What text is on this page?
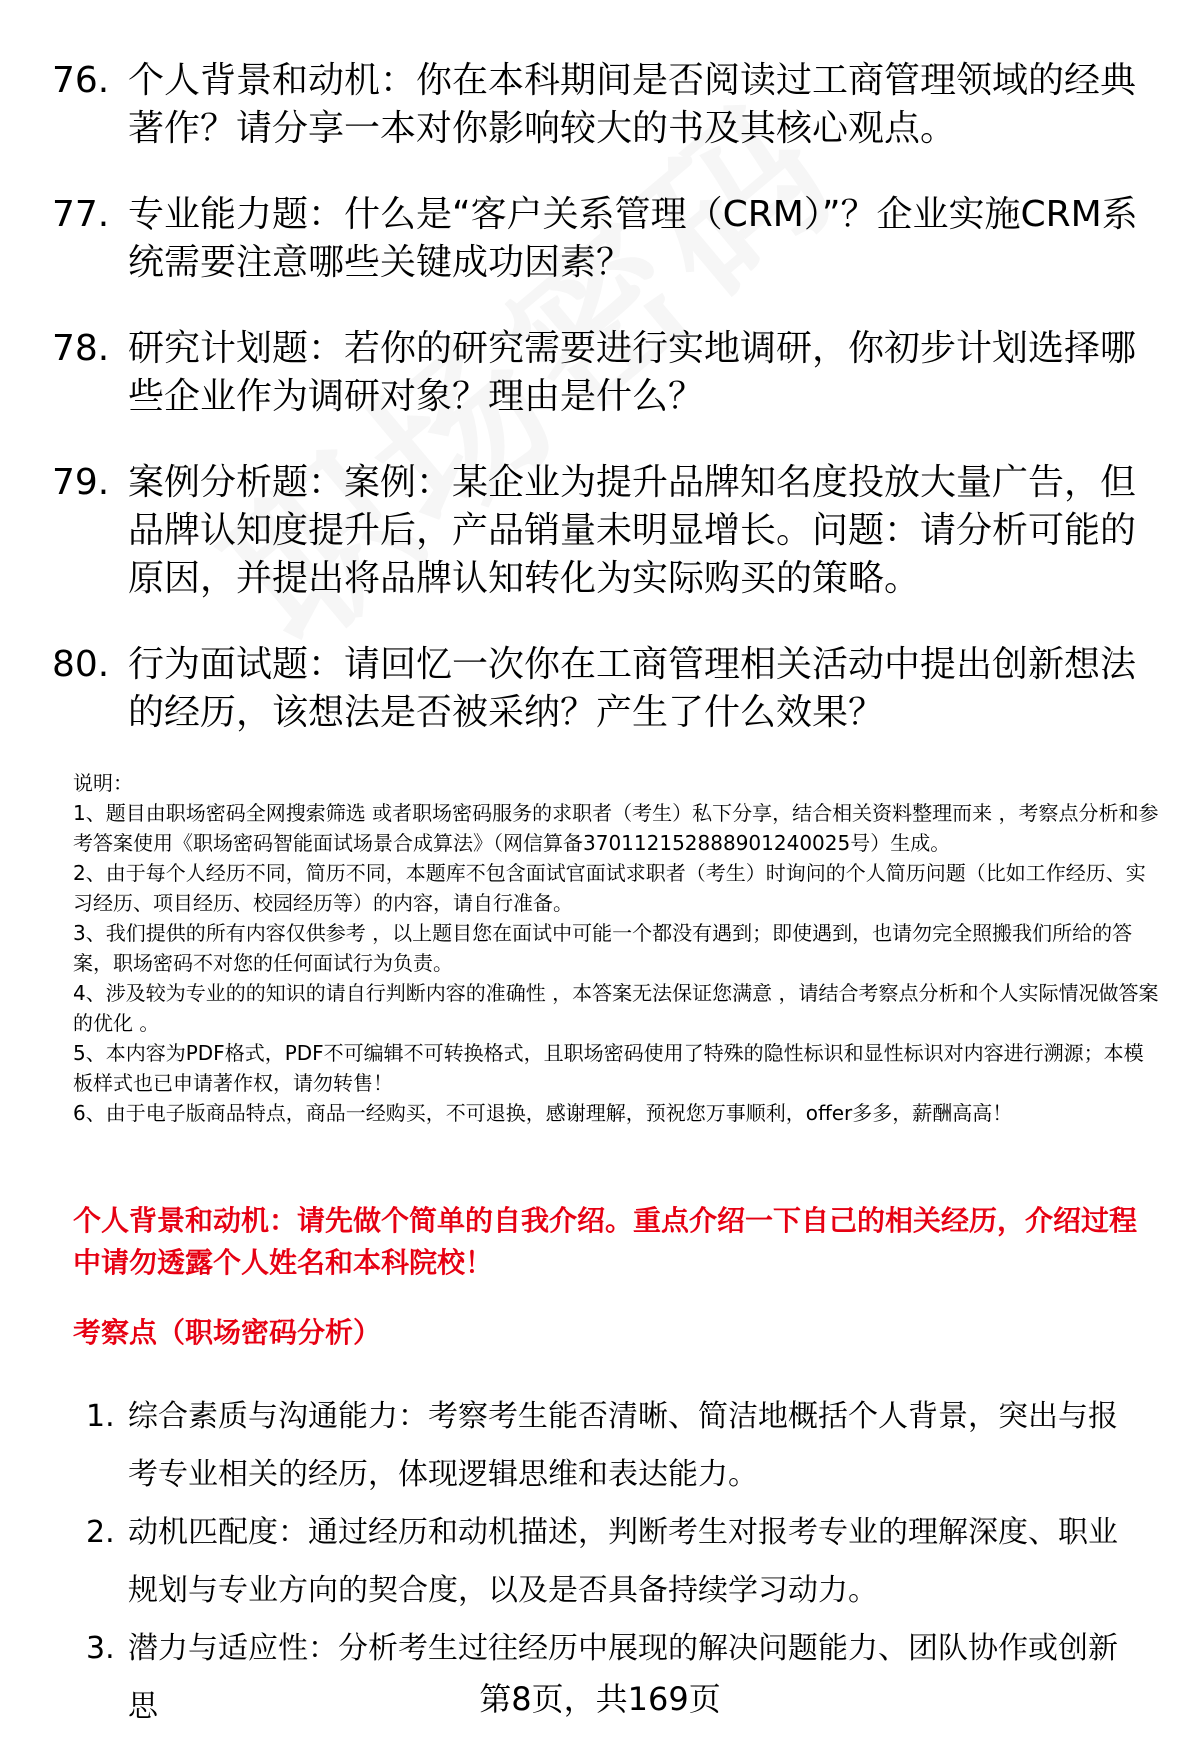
76. 个人背景和动机：你在本科期间是否阅读过工商管理领域的经典著作？请分享一本对你影响较大的书及其核心观点。
77. 专业能力题：什么是“客户关系管理（CRM）”？企业实施CRM系统需要注意哪些关键成功因素？
78. 研究计划题：若你的研究需要进行实地调研，你初步计划选择哪些企业作为调研对象？理由是什么？
79. 案例分析题：案例：某企业为提升品牌知名度投放大量广告，但品牌认知度提升后，产品销量未明显增长。问题：请分析可能的原因，并提出将品牌认知转化为实际购买的策略。
80. 行为面试题：请回忆一次你在工商管理相关活动中提出创新想法的经历，该想法是否被采纳？产生了什么效果？

说明：

1、题目由职场密码全网搜索筛选 或者职场密码服务的求职者（考生）私下分享，结合相关资料整理而来 ，考察点分析和参考答案使用《职场密码智能面试场景合成算法》（网信算备370112152888901240025号）生成。

2、由于每个人经历不同，简历不同，本题库不包含面试官面试求职者（考生）时询问的个人简历问题（比如工作经历、实习经历、项目经历、校园经历等）的内容，请自行准备。

3、我们提供的所有内容仅供参考 ，以上题目您在面试中可能一个都没有遇到；即使遇到，也请勿完全照搬我们所给的答案，职场密码不对您的任何面试行为负责。

4、涉及较为专业的的知识的请自行判断内容的准确性 ，本答案无法保证您满意 ，请结合考察点分析和个人实际情况做答案的优化 。

5、本内容为PDF格式，PDF不可编辑不可转换格式，且职场密码使用了特殊的隐性标识和显性标识对内容进行溯源；本模板样式也已申请著作权，请勿转售！

6、由于电子版商品特点，商品一经购买，不可退换，感谢理解，预祝您万事顺利，offer多多，薪酬高高！

个人背景和动机：请先做个简单的自我介绍。重点介绍一下自己的相关经历，介绍过程中请勿透露个人姓名和本科院校！
考察点（职场密码分析）
1. 综合素质与沟通能力：考察考生能否清晰、简洁地概括个人背景，突出与报考专业相关的经历，体现逻辑思维和表达能力。
2. 动机匹配度：通过经历和动机描述，判断考生对报考专业的理解深度、职业规划与专业方向的契合度，以及是否具备持续学习动力。
3. 潜力与适应性：分析考生过往经历中展现的解决问题能力、团队协作或创新思	第8页，共169页
